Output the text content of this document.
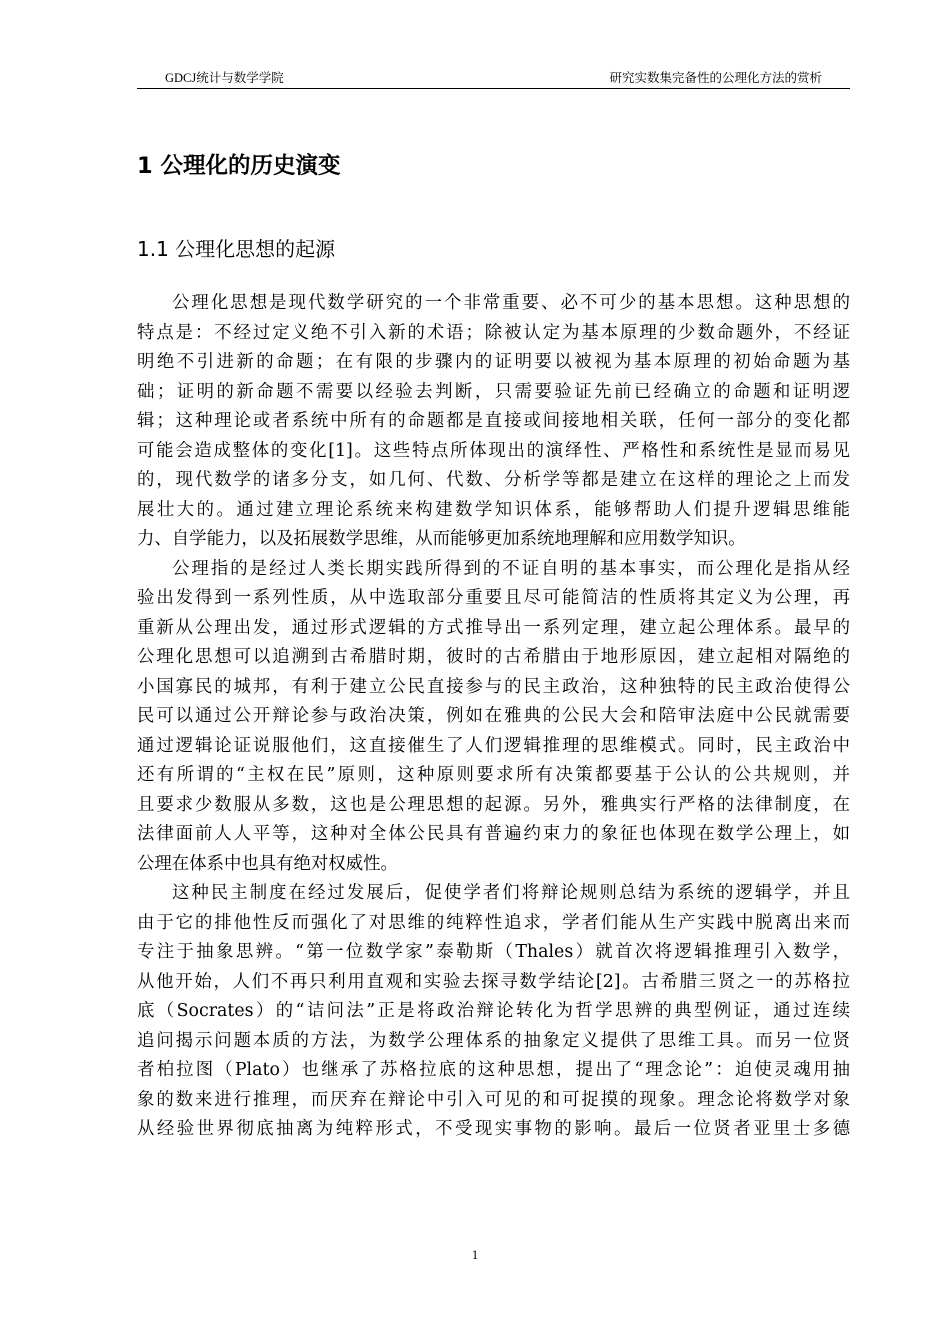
GDCJ统计与数学学院	研究实数集完备性的公理化方法的赏析
1 公理化的历史演变
1.1 公理化思想的起源
公理化思想是现代数学研究的一个非常重要、必不可少的基本思想。这种思想的
特点是：不经过定义绝不引入新的术语；除被认定为基本原理的少数命题外，不经证
明绝不引进新的命题；在有限的步骤内的证明要以被视为基本原理的初始命题为基
础；证明的新命题不需要以经验去判断，只需要验证先前已经确立的命题和证明逻
辑；这种理论或者系统中所有的命题都是直接或间接地相关联，任何一部分的变化都
可能会造成整体的变化[1]。这些特点所体现出的演绎性、严格性和系统性是显而易见
的，现代数学的诸多分支，如几何、代数、分析学等都是建立在这样的理论之上而发
展壮大的。通过建立理论系统来构建数学知识体系，能够帮助人们提升逻辑思维能
力、自学能力，以及拓展数学思维，从而能够更加系统地理解和应用数学知识。
公理指的是经过人类长期实践所得到的不证自明的基本事实，而公理化是指从经
验出发得到一系列性质，从中选取部分重要且尽可能简洁的性质将其定义为公理，再
重新从公理出发，通过形式逻辑的方式推导出一系列定理，建立起公理体系。最早的
公理化思想可以追溯到古希腊时期，彼时的古希腊由于地形原因，建立起相对隔绝的
小国寡民的城邦，有利于建立公民直接参与的民主政治，这种独特的民主政治使得公
民可以通过公开辩论参与政治决策，例如在雅典的公民大会和陪审法庭中公民就需要
通过逻辑论证说服他们，这直接催生了人们逻辑推理的思维模式。同时，民主政治中
还有所谓的“主权在民”原则，这种原则要求所有决策都要基于公认的公共规则，并
且要求少数服从多数，这也是公理思想的起源。另外，雅典实行严格的法律制度，在
法律面前人人平等，这种对全体公民具有普遍约束力的象征也体现在数学公理上，如
公理在体系中也具有绝对权威性。
这种民主制度在经过发展后，促使学者们将辩论规则总结为系统的逻辑学，并且
由于它的排他性反而强化了对思维的纯粹性追求，学者们能从生产实践中脱离出来而
专注于抽象思辨。“第一位数学家”泰勒斯（Thales）就首次将逻辑推理引入数学，
从他开始，人们不再只利用直观和实验去探寻数学结论[2]。古希腊三贤之一的苏格拉
底（Socrates）的“诘问法”正是将政治辩论转化为哲学思辨的典型例证，通过连续
追问揭示问题本质的方法，为数学公理体系的抽象定义提供了思维工具。而另一位贤
者柏拉图（Plato）也继承了苏格拉底的这种思想，提出了“理念论”：迫使灵魂用抽
象的数来进行推理，而厌弃在辩论中引入可见的和可捉摸的现象。理念论将数学对象
从经验世界彻底抽离为纯粹形式，不受现实事物的影响。最后一位贤者亚里士多德
1
